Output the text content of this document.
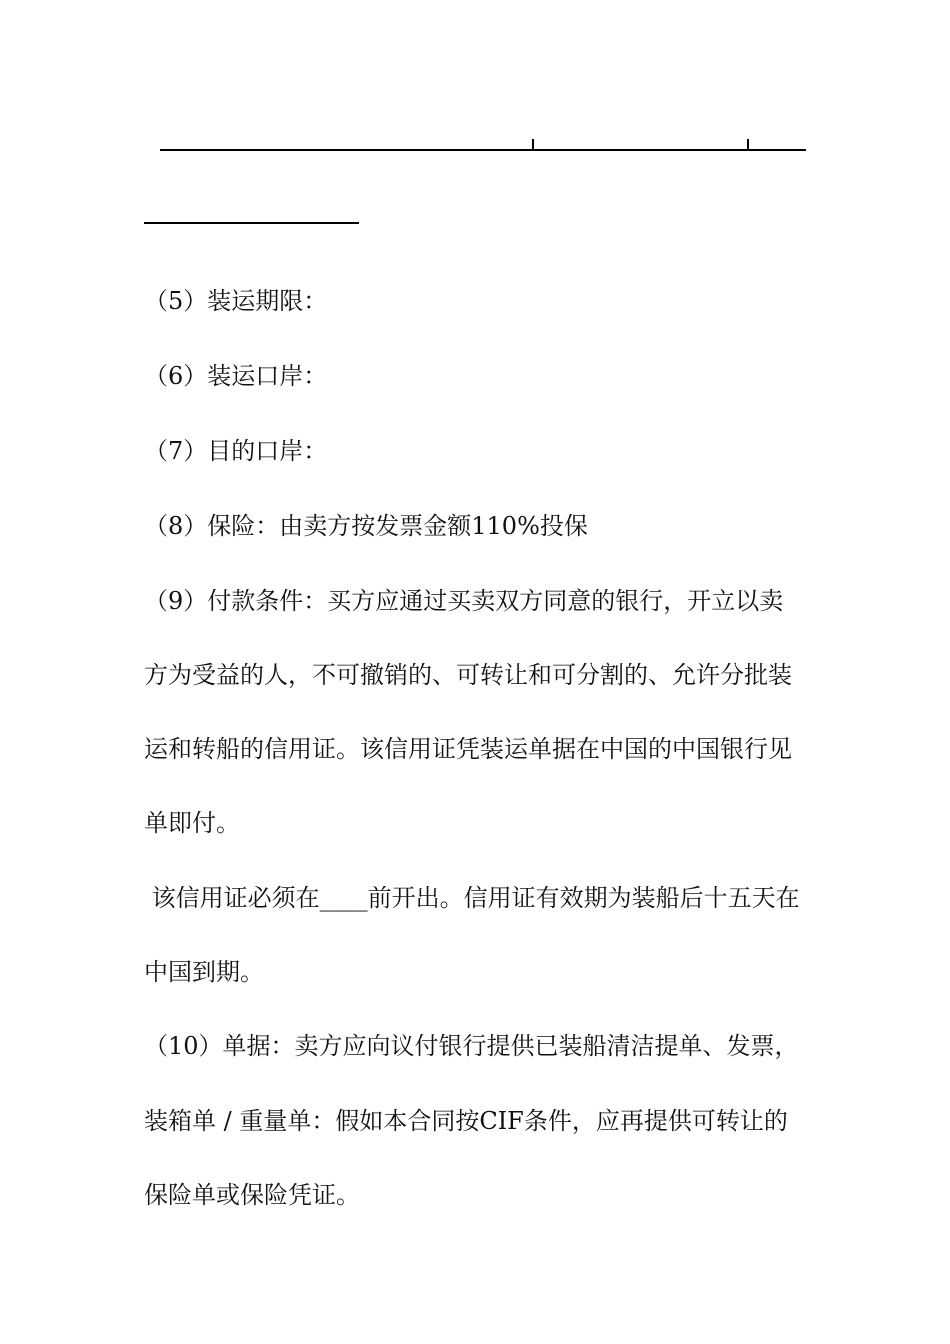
（5）装运期限：
（6）装运口岸：
（7）目的口岸：
（8）保险：由卖方按发票金额110%投保
（9）付款条件：买方应通过买卖双方同意的银行，开立以卖
方为受益的人，不可撤销的、可转让和可分割的、允许分批装
运和转船的信用证。该信用证凭装运单据在中国的中国银行见
单即付。
该信用证必须在____前开出。信用证有效期为装船后十五天在
中国到期。
（10）单据：卖方应向议付银行提供已装船清洁提单、发票，
装箱单 / 重量单：假如本合同按CIF条件，应再提供可转让的
保险单或保险凭证。
